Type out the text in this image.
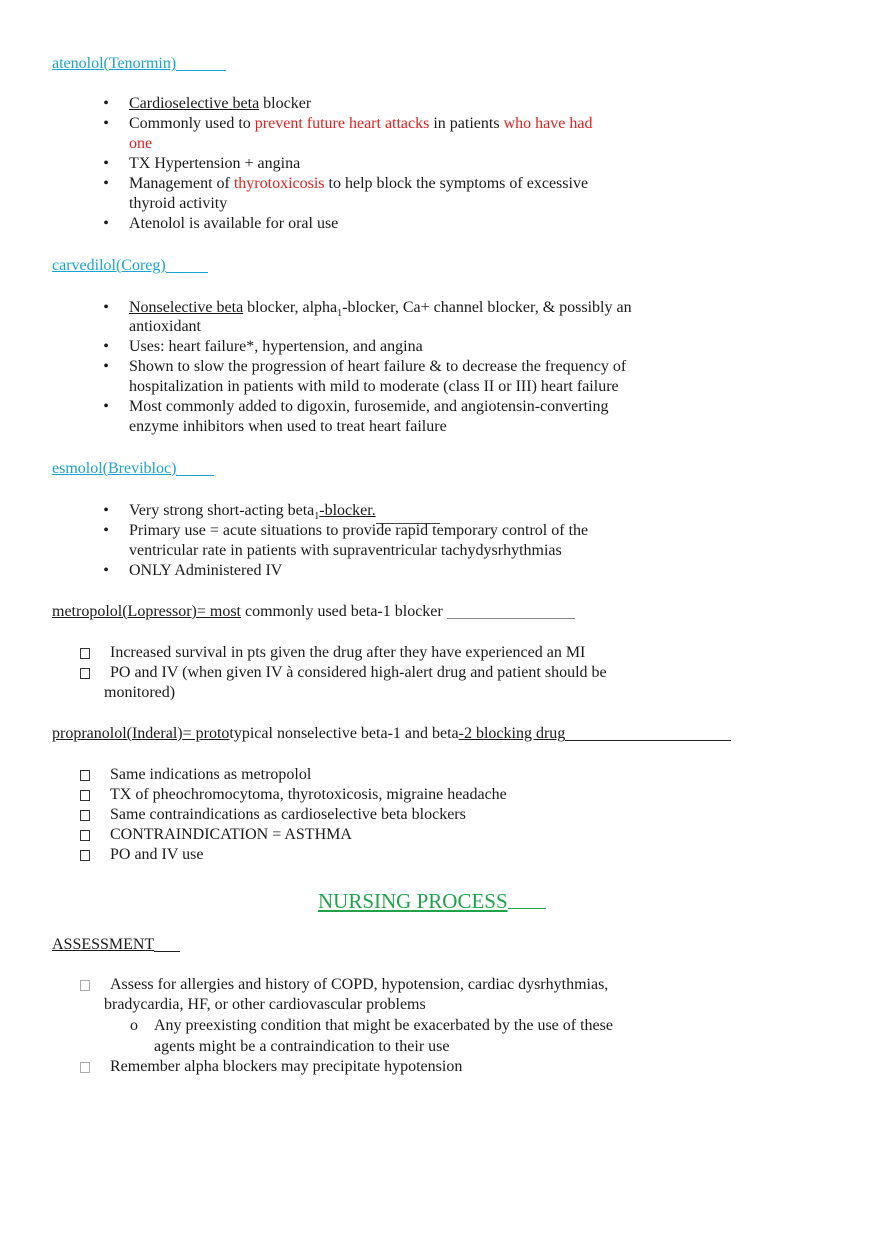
atenolol(Tenormin)
• Cardioselective beta blocker
• Commonly used to prevent future heart attacks in patients who have had
one
• TX Hypertension + angina
• Management of thyrotoxicosis to help block the symptoms of excessive
thyroid activity
• Atenolol is available for oral use
carvedilol(Coreg)
• Nonselective beta blocker, alpha$_1$-blocker, Ca+ channel blocker, & possibly an
antioxidant
• Uses: heart failure*, hypertension, and angina
• Shown to slow the progression of heart failure & to decrease the frequency of
hospitalization in patients with mild to moderate (class II or III) heart failure
• Most commonly added to digoxin, furosemide, and angiotensin-converting
enzyme inhibitors when used to treat heart failure
esmolol(Brevibloc)
• Very strong short-acting beta$_1$-blocker.
• Primary use = acute situations to provide rapid temporary control of the
ventricular rate in patients with supraventricular tachydysrhythmias
• ONLY Administered IV
metropolol(Lopressor)= most commonly used beta-1 blocker
Increased survival in pts given the drug after they have experienced an MI
PO and IV (when given IV à considered high-alert drug and patient should be
monitored)
propranolol(Inderal)= prototypical nonselective beta-1 and beta-2 blocking drug
Same indications as metropolol
TX of pheochromocytoma, thyrotoxicosis, migraine headache
Same contraindications as cardioselective beta blockers
CONTRAINDICATION = ASTHMA
PO and IV use
NURSING PROCESS
ASSESSMENT
Assess for allergies and history of COPD, hypotension, cardiac dysrhythmias,
bradycardia, HF, or other cardiovascular problems
o Any preexisting condition that might be exacerbated by the use of these
agents might be a contraindication to their use
Remember alpha blockers may precipitate hypotension
